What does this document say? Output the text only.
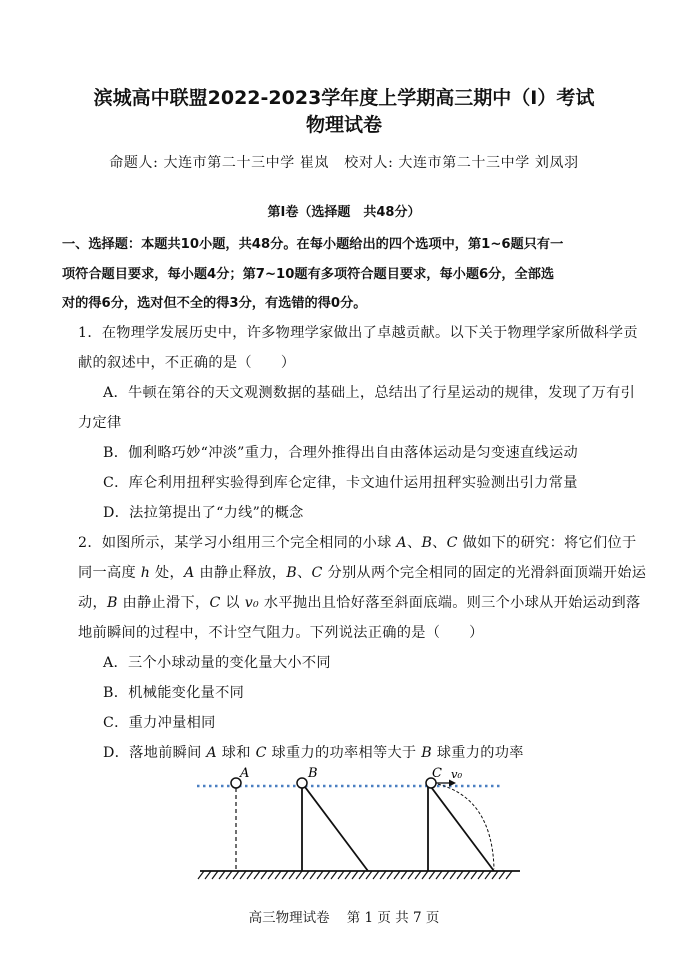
滨城高中联盟2022-2023学年度上学期高三期中（Ⅰ）考试
物理试卷
命题人: 大连市第二十三中学 崔岚   校对人: 大连市第二十三中学 刘凤羽
第Ⅰ卷（选择题　共48分）
一、选择题：本题共10小题，共48分。在每小题给出的四个选项中，第1~6题只有一
项符合题目要求，每小题4分；第7~10题有多项符合题目要求，每小题6分，全部选
对的得6分，选对但不全的得3分，有选错的得0分。
1．在物理学发展历史中，许多物理学家做出了卓越贡献。以下关于物理学家所做科学贡
献的叙述中，不正确的是（　　）
A．牛顿在第谷的天文观测数据的基础上，总结出了行星运动的规律，发现了万有引
力定律
B．伽利略巧妙“冲淡”重力，合理外推得出自由落体运动是匀变速直线运动
C．库仑利用扭秤实验得到库仑定律，卡文迪什运用扭秤实验测出引力常量
D．法拉第提出了“力线”的概念
2．如图所示，某学习小组用三个完全相同的小球 A、B、C 做如下的研究：将它们位于
同一高度 h 处，A 由静止释放，B、C 分别从两个完全相同的固定的光滑斜面顶端开始运
动，B 由静止滑下，C 以 v₀ 水平抛出且恰好落至斜面底端。则三个小球从开始运动到落
地前瞬间的过程中，不计空气阻力。下列说法正确的是（　　）
A．三个小球动量的变化量大小不同
B．机械能变化量不同
C．重力冲量相同
D．落地前瞬间 A 球和 C 球重力的功率相等大于 B 球重力的功率
A	B	C v₀
高三物理试卷    第 1 页 共 7 页
